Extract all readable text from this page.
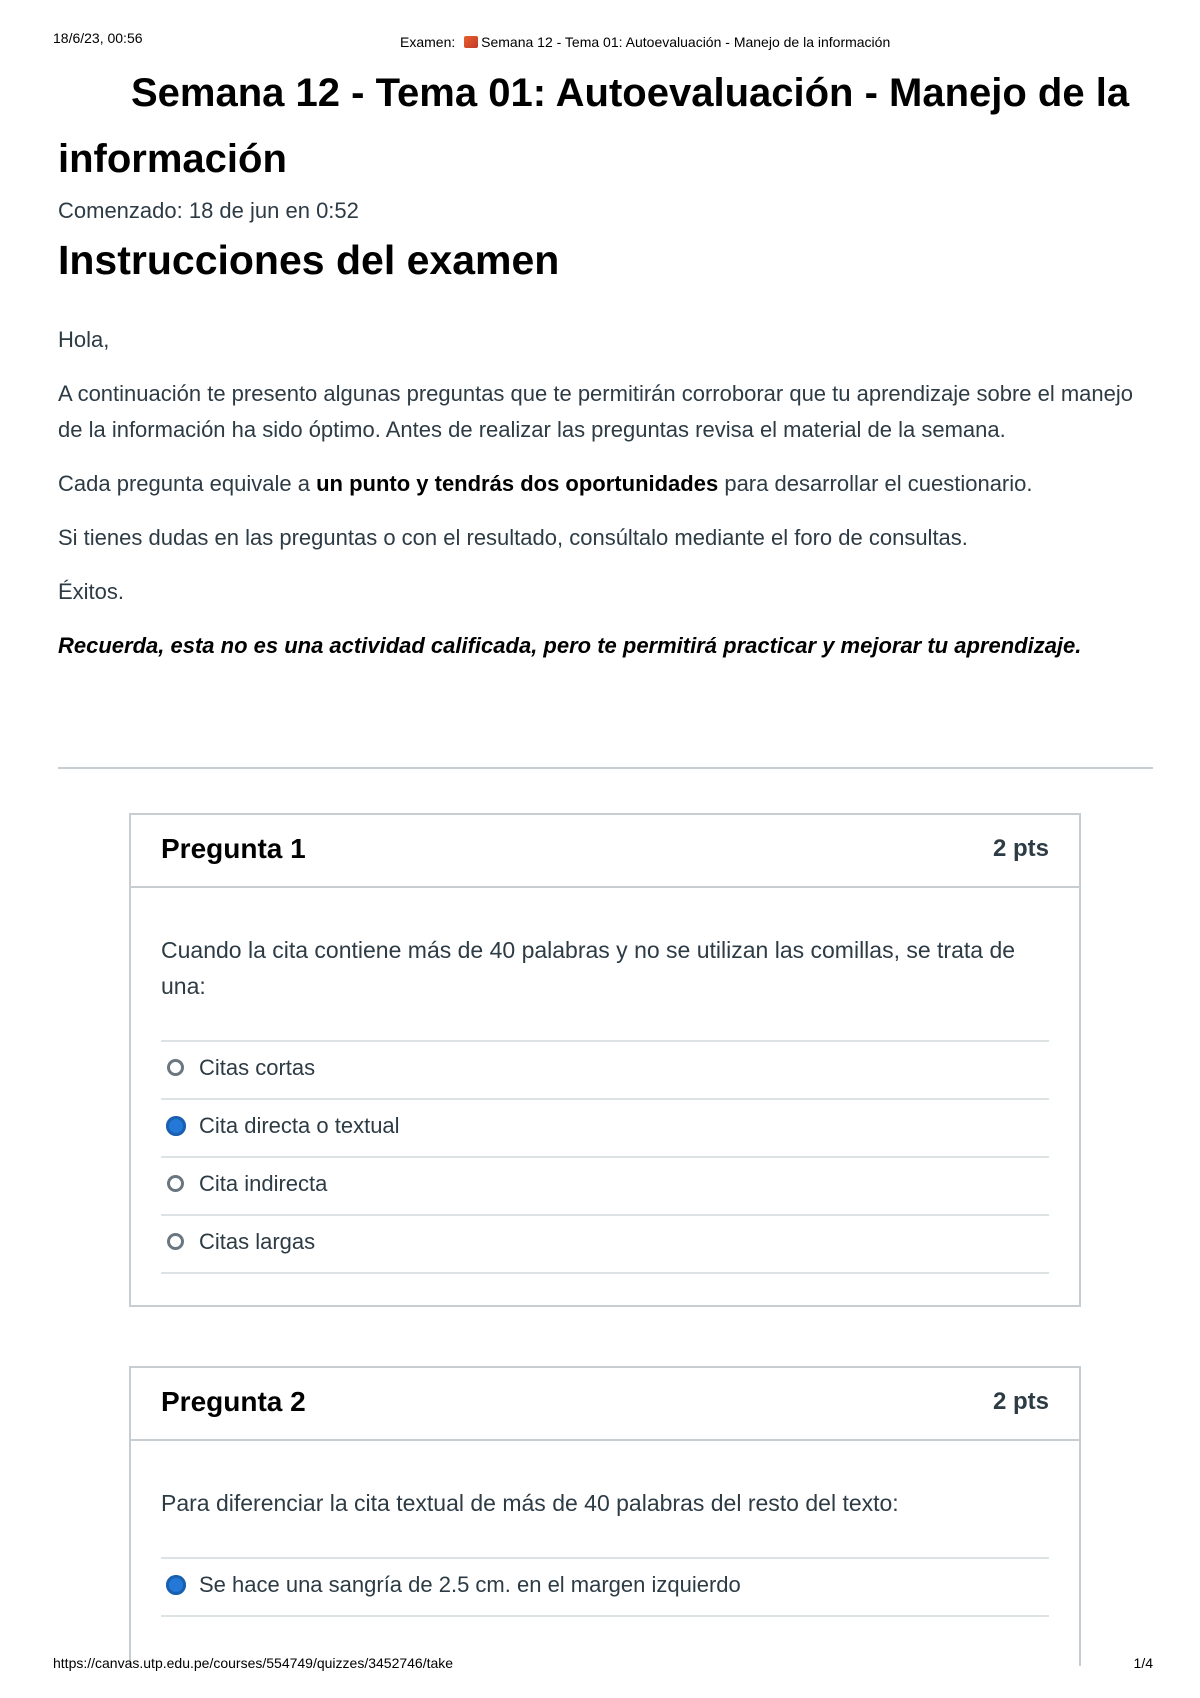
18/6/23, 00:56	Examen: Semana 12 - Tema 01: Autoevaluación - Manejo de la información
Semana 12 - Tema 01: Autoevaluación - Manejo de la información
Comenzado: 18 de jun en 0:52
Instrucciones del examen

Hola,

A continuación te presento algunas preguntas que te permitirán corroborar que tu aprendizaje sobre el manejo de la información ha sido óptimo. Antes de realizar las preguntas revisa el material de la semana.

Cada pregunta equivale a un punto y tendrás dos oportunidades para desarrollar el cuestionario.

Si tienes dudas en las preguntas o con el resultado, consúltalo mediante el foro de consultas.

Éxitos.

Recuerda, esta no es una actividad calificada, pero te permitirá practicar y mejorar tu aprendizaje.

Pregunta 1	2 pts
Cuando la cita contiene más de 40 palabras y no se utilizan las comillas, se trata de una:
Citas cortas
Cita directa o textual
Cita indirecta
Citas largas
Pregunta 2	2 pts
Para diferenciar la cita textual de más de 40 palabras del resto del texto:
Se hace una sangría de 2.5 cm. en el margen izquierdo
https://canvas.utp.edu.pe/courses/554749/quizzes/3452746/take	1/4
